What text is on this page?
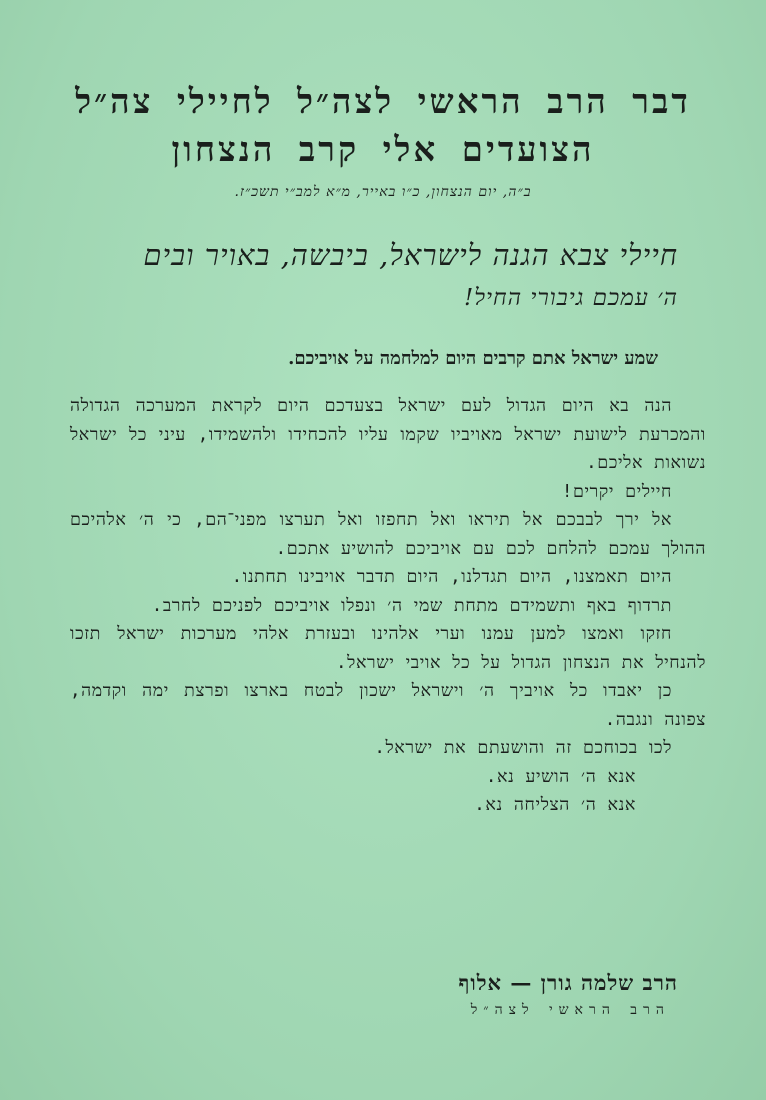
דבר הרב הראשי לצה״ל לחיילי צה״ל
הצועדים אלי קרב הנצחון
ב״ה, יום הנצחון, כ״ו באייר, מ״א למב״י תשכ״ז.
חיילי צבא הגנה לישראל, ביבשה, באויר ובים
ה׳ עמכם גיבורי החיל!
שמע ישראל אתם קרבים היום למלחמה על אויביכם.

הנה בא היום הגדול לעם ישראל בצעדכם היום לקראת המערכה הגדולה והמכרעת לישועת ישראל מאויביו שקמו עליו להכחידו ולהשמידו, עיני כל ישראל נשואות אליכם.

חיילים יקרים!

אל ירך לבבכם אל תיראו ואל תחפזו ואל תערצו מפני־הם, כי ה׳ אלהיכם ההולך עמכם להלחם לכם עם אויביכם להושיע אתכם.

היום תאמצנו, היום תגדלנו, היום תדבר אויבינו תחתנו.

תרדוף באף ותשמידם מתחת שמי ה׳ ונפלו אויביכם לפניכם לחרב.

חזקו ואמצו למען עמנו וערי אלהינו ובעזרת אלהי מערכות ישראל תזכו להנחיל את הנצחון הגדול על כל אויבי ישראל.

כן יאבדו כל אויביך ה׳ וישראל ישכון לבטח בארצו ופרצת ימה וקדמה, צפונה ונגבה.

לכו בכוחכם זה והושעתם את ישראל.

אנא ה׳ הושיע נא.

אנא ה׳ הצליחה נא.

הרב שלמה גורן — אלוף
הרב הראשי לצה״ל
